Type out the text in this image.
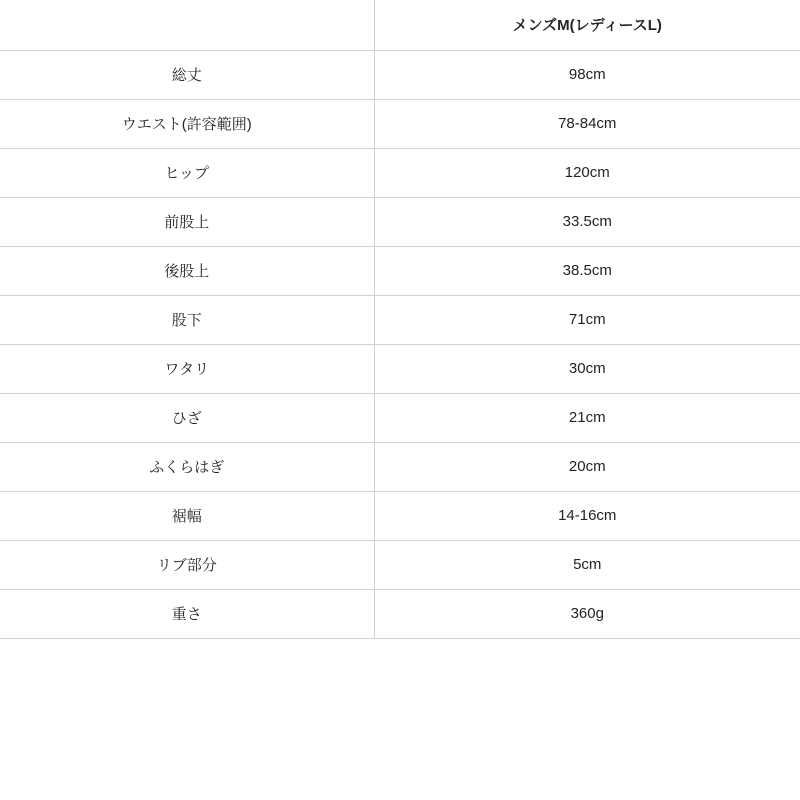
	メンズM(レディースL)
総丈	98cm
ウエスト(許容範囲)	78-84cm
ヒップ	120cm
前股上	33.5cm
後股上	38.5cm
股下	71cm
ワタリ	30cm
ひざ	21cm
ふくらはぎ	20cm
裾幅	14-16cm
リブ部分	5cm
重さ	360g
